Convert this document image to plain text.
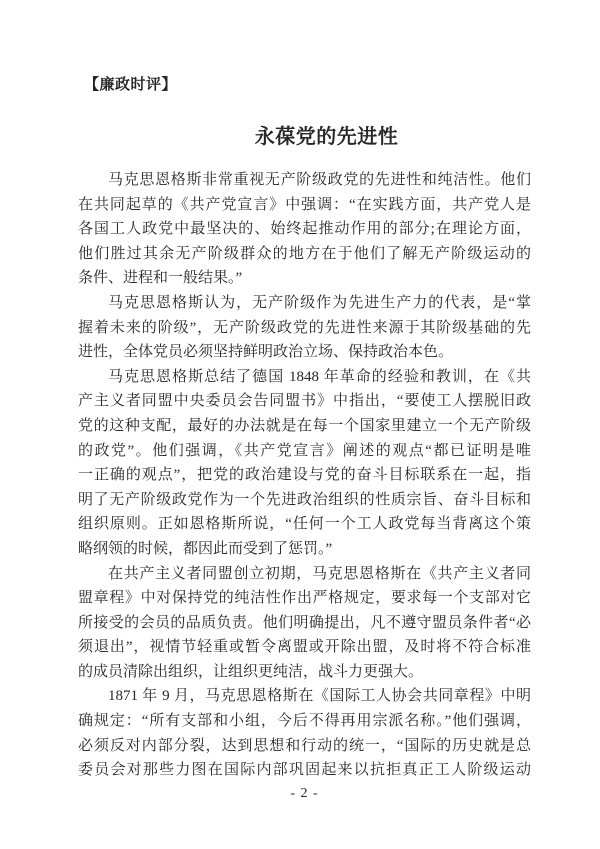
【廉政时评】
永葆党的先进性
马克思恩格斯非常重视无产阶级政党的先进性和纯洁性。他们
在共同起草的《共产党宣言》中强调：“在实践方面，共产党人是
各国工人政党中最坚决的、始终起推动作用的部分;在理论方面，
他们胜过其余无产阶级群众的地方在于他们了解无产阶级运动的
条件、进程和一般结果。”
马克思恩格斯认为，无产阶级作为先进生产力的代表，是“掌
握着未来的阶级”，无产阶级政党的先进性来源于其阶级基础的先
进性，全体党员必须坚持鲜明政治立场、保持政治本色。
马克思恩格斯总结了德国 1848 年革命的经验和教训，在《共
产主义者同盟中央委员会告同盟书》中指出，“要使工人摆脱旧政
党的这种支配，最好的办法就是在每一个国家里建立一个无产阶级
的政党”。他们强调，《共产党宣言》阐述的观点“都已证明是唯
一正确的观点”，把党的政治建设与党的奋斗目标联系在一起，指
明了无产阶级政党作为一个先进政治组织的性质宗旨、奋斗目标和
组织原则。正如恩格斯所说，“任何一个工人政党每当背离这个策
略纲领的时候，都因此而受到了惩罚。”
在共产主义者同盟创立初期，马克思恩格斯在《共产主义者同
盟章程》中对保持党的纯洁性作出严格规定，要求每一个支部对它
所接受的会员的品质负责。他们明确提出，凡不遵守盟员条件者“必
须退出”，视情节轻重或暂令离盟或开除出盟，及时将不符合标准
的成员清除出组织，让组织更纯洁，战斗力更强大。
1871 年 9 月，马克思恩格斯在《国际工人协会共同章程》中明
确规定：“所有支部和小组，今后不得再用宗派名称。”他们强调，
必须反对内部分裂，达到思想和行动的统一，“国际的历史就是总
委员会对那些力图在国际内部巩固起来以抗拒真正工人阶级运动
- 2 -
